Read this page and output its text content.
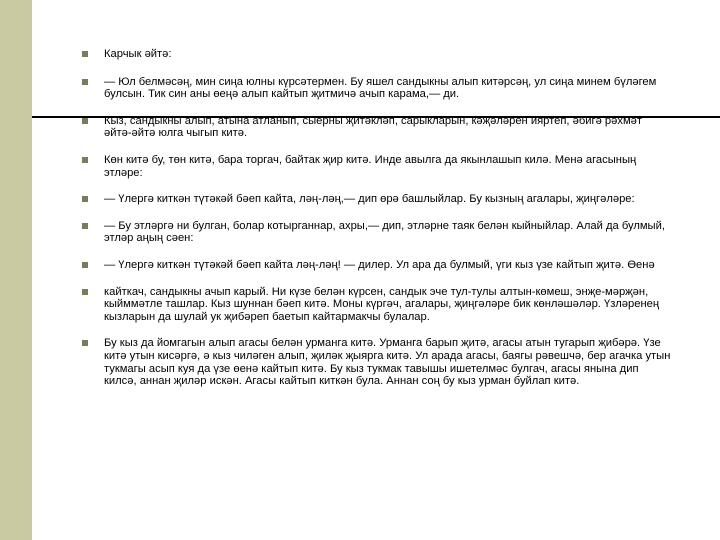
Карчык әйтә:
— Юл белмәсәң, мин сиңа юлны күрсәтермен. Бу яшел сандыкны алып китәрсәң, ул сиңа минем бүләгем булсын. Тик син аны өеңә алып кайтып җитмичә ачып карама,— ди.
Кыз, сандыкны алып, атына атланып, сыерны җитәкләп, сарыкларын, кәҗәләрен ияртеп, әбигә рәхмәт әйтә-әйтә юлга чыгып китә.
Көн китә бу, төн китә, бара торгач, байтак җир китә. Инде авылга да якынлашып килә. Менә агасының этләре:
— Үлергә киткән түтәкәй бәеп кайта, ләң-ләң,— дип өрә башлыйлар. Бу кызның агалары, җиңгәләре:
— Бу этләргә ни булган, болар котырганнар, ахры,— дип, этләрне таяк белән кыйныйлар. Алай да булмый, этләр аңың сәен:
— Үлергә киткән түтәкәй бәеп кайта ләң-ләң! — дилер. Ул ара да булмый, үги кыз үзе кайтып җитә. Өенә
кайткач, сандыкны ачып карый. Ни күзе белән күрсен, сандык эче тул-тулы алтын-көмеш, энҗе-мәрҗән, кыйммәтле ташлар. Кыз шуннан бәеп китә. Моны күргәч, агалары, җиңгәләре бик көнләшәләр. Үзләренең кызларын да шулай ук җибәреп баетып кайтармакчы булалар.
Бу кыз да йомгагын алып агасы белән урманга китә. Урманга барып җитә, агасы атын тугарып җибәрә. Үзе китә утын кисәргә, ә кыз чиләген алып, җиләк җыярга китә. Ул арада агасы, баягы рәвешчә, бер агачка утын тукмагы асып куя да үзе өенә кайтып китә. Бу кыз тукмак тавышы ишетелмәс булгач, агасы янына дип килсә, аннан җиләр искән. Агасы кайтып киткән була. Аннан соң бу кыз урман буйлап китә.
